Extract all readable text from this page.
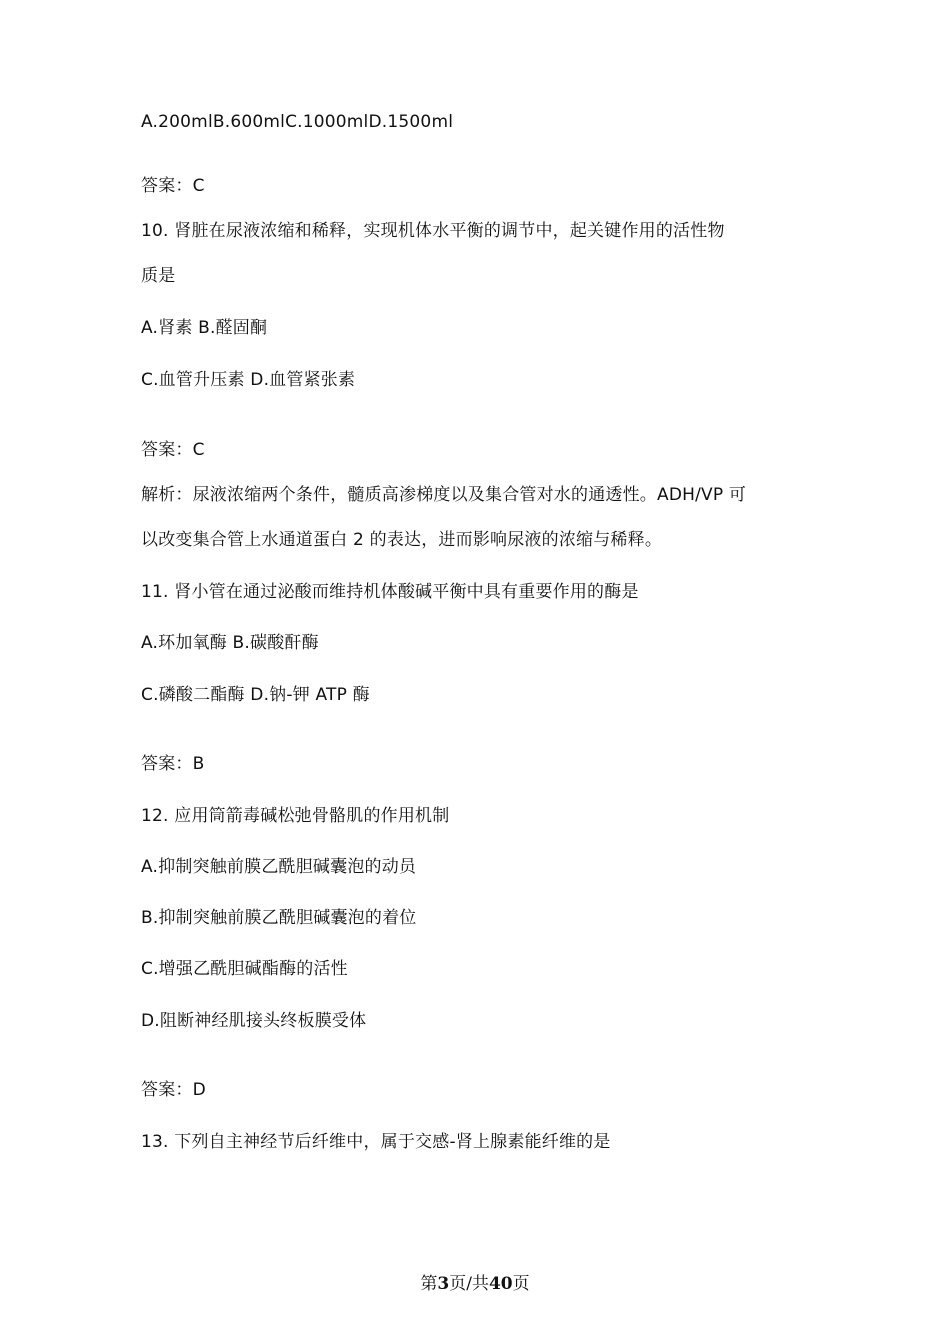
A.200mlB.600mlC.1000mlD.1500ml
答案：C
10. 肾脏在尿液浓缩和稀释，实现机体水平衡的调节中，起关键作用的活性物
质是
A.肾素 B.醛固酮
C.血管升压素 D.血管紧张素
答案：C
解析：尿液浓缩两个条件，髓质高渗梯度以及集合管对水的通透性。ADH/VP 可
以改变集合管上水通道蛋白 2 的表达，进而影响尿液的浓缩与稀释。
11. 肾小管在通过泌酸而维持机体酸碱平衡中具有重要作用的酶是
A.环加氧酶 B.碳酸酐酶
C.磷酸二酯酶 D.钠-钾 ATP 酶
答案：B
12. 应用筒箭毒碱松弛骨骼肌的作用机制
A.抑制突触前膜乙酰胆碱囊泡的动员
B.抑制突触前膜乙酰胆碱囊泡的着位
C.增强乙酰胆碱酯酶的活性
D.阻断神经肌接头终板膜受体
答案：D
13. 下列自主神经节后纤维中，属于交感-肾上腺素能纤维的是
第3页/共40页
